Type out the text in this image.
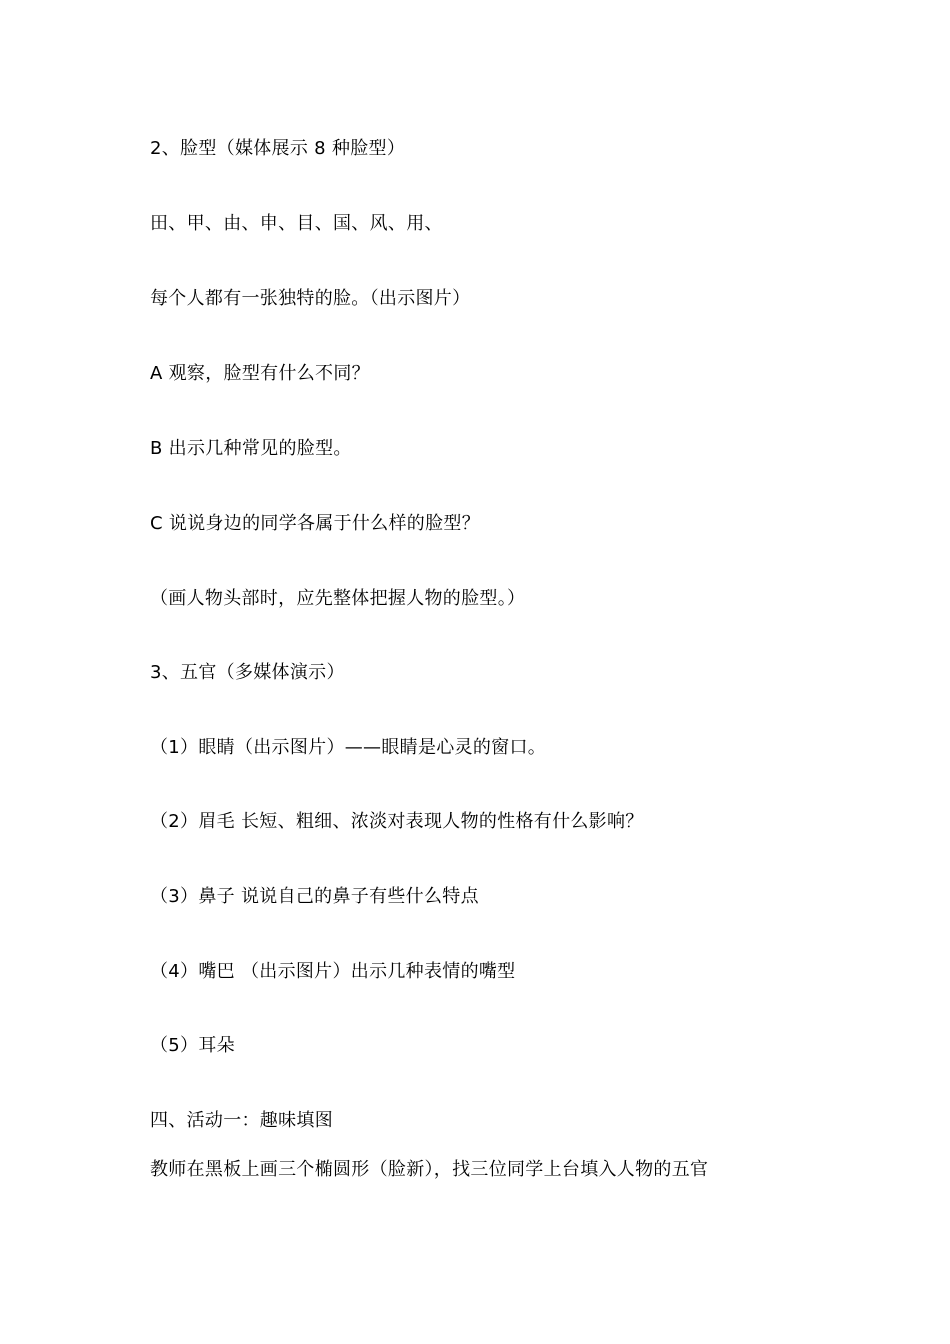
2、脸型（媒体展示 8 种脸型）
田、甲、由、申、目、国、风、用、
每个人都有一张独特的脸。（出示图片）
A 观察，脸型有什么不同？
B 出示几种常见的脸型。
C 说说身边的同学各属于什么样的脸型？
（画人物头部时，应先整体把握人物的脸型。）
3、五官（多媒体演示）
（1）眼睛（出示图片）——眼睛是心灵的窗口。
（2）眉毛 长短、粗细、浓淡对表现人物的性格有什么影响？
（3）鼻子 说说自己的鼻子有些什么特点
（4）嘴巴 （出示图片）出示几种表情的嘴型
（5）耳朵
四、活动一：趣味填图
教师在黑板上画三个椭圆形（脸新），找三位同学上台填入人物的五官
